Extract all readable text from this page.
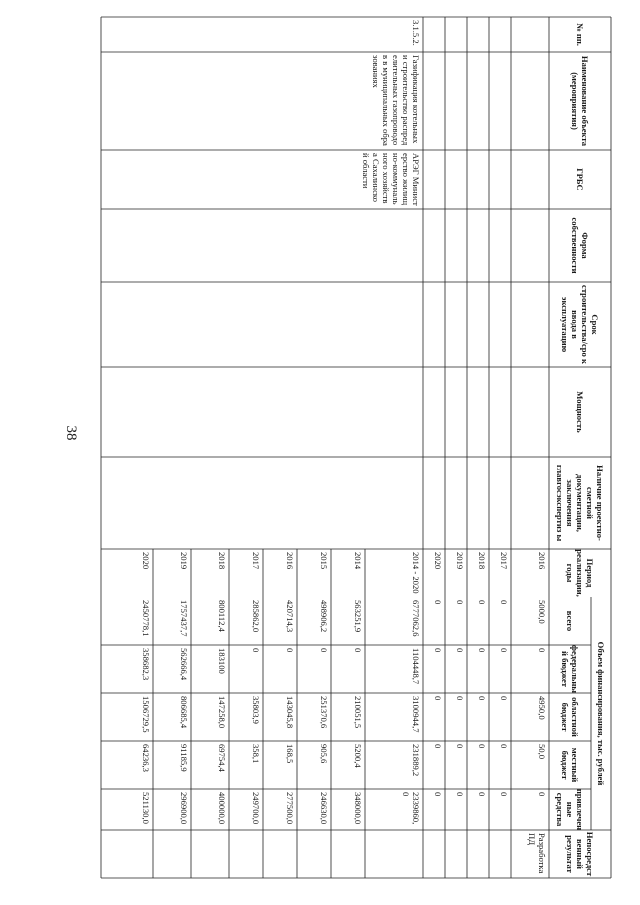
38
№ пп.
Наименование объекта (мероприятия)
ГРБС
Форма собственности
Срок строительства/сро к ввода в эксплуатацию
Мощность
Наличие проектно-сметной документации, заключения главгосэкспертиз ы
Период реализации, годы
Объем финансирования, тыс. рублей
всего
федеральны й бюджет
областной бюджет
местный бюджет
привлечен ные средства
Непосредст венный результат
2016
5000,0
0
4950,0
50,0
0
Разработка ПД
2017
0
0
0
0
0
2018
0
0
0
0
0
2019
0
0
0
0
0
2020
0
0
0
0
0
3.1.5.2.
Газификация котельных и строительство распределительных газопроводов в муниципальных образованиях
АРЭГ Министерство жилищно-коммунального хозяйства Сахалинской области
2014 - 2020
6777062,6
1104448,7
3100944,7
231889,2
2339860,0
2014
563251,9
0
210051,5
5200,4
348000,0
2015
498906,2
0
251370,6
905,6
246630,0
2016
420714,3
0
143045,8
168,5
277500,0
2017
285862,0
0
35803,9
358,1
249700,0
2018
800112,4
183100
147258,0
69754,4
400000,0
2019
1757437,7
562666,4
806685,4
91185,9
296900,0
2020
2450778,1
358682,3
1506729,5
64236,3
521130,0
